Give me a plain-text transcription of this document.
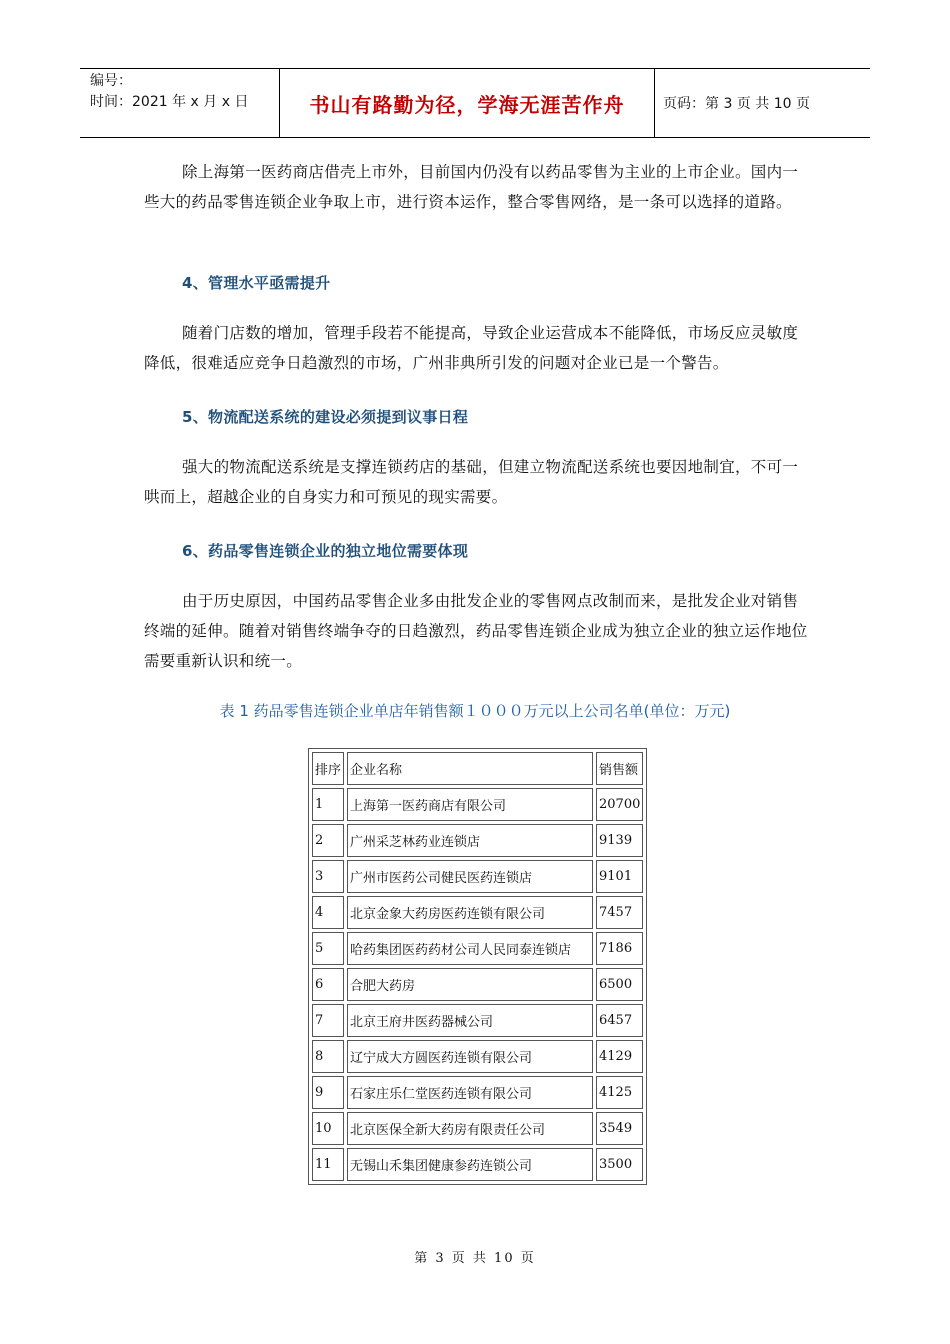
编号：
时间：2021 年 x 月 x 日	书山有路勤为径，学海无涯苦作舟	页码：第 3 页 共 10 页

除上海第一医药商店借壳上市外，目前国内仍没有以药品零售为主业的上市企业。国内一些大的药品零售连锁企业争取上市，进行资本运作，整合零售网络，是一条可以选择的道路。

4、管理水平亟需提升

随着门店数的增加，管理手段若不能提高，导致企业运营成本不能降低，市场反应灵敏度降低，很难适应竞争日趋激烈的市场，广州非典所引发的问题对企业已是一个警告。

5、物流配送系统的建设必须提到议事日程

强大的物流配送系统是支撑连锁药店的基础，但建立物流配送系统也要因地制宜，不可一哄而上，超越企业的自身实力和可预见的现实需要。

6、药品零售连锁企业的独立地位需要体现

由于历史原因，中国药品零售企业多由批发企业的零售网点改制而来，是批发企业对销售终端的延伸。随着对销售终端争夺的日趋激烈，药品零售连锁企业成为独立企业的独立运作地位需要重新认识和统一。

表 1 药品零售连锁企业单店年销售额１０００万元以上公司名单(单位：万元)

排序	企业名称	销售额
1	上海第一医药商店有限公司	20700
2	广州采芝林药业连锁店	9139
3	广州市医药公司健民医药连锁店	9101
4	北京金象大药房医药连锁有限公司	7457
5	哈药集团医药药材公司人民同泰连锁店	7186
6	合肥大药房	6500
7	北京王府井医药器械公司	6457
8	辽宁成大方圆医药连锁有限公司	4129
9	石家庄乐仁堂医药连锁有限公司	4125
10	北京医保全新大药房有限责任公司	3549
11	无锡山禾集团健康参药连锁公司	3500
第 3 页 共 10 页
